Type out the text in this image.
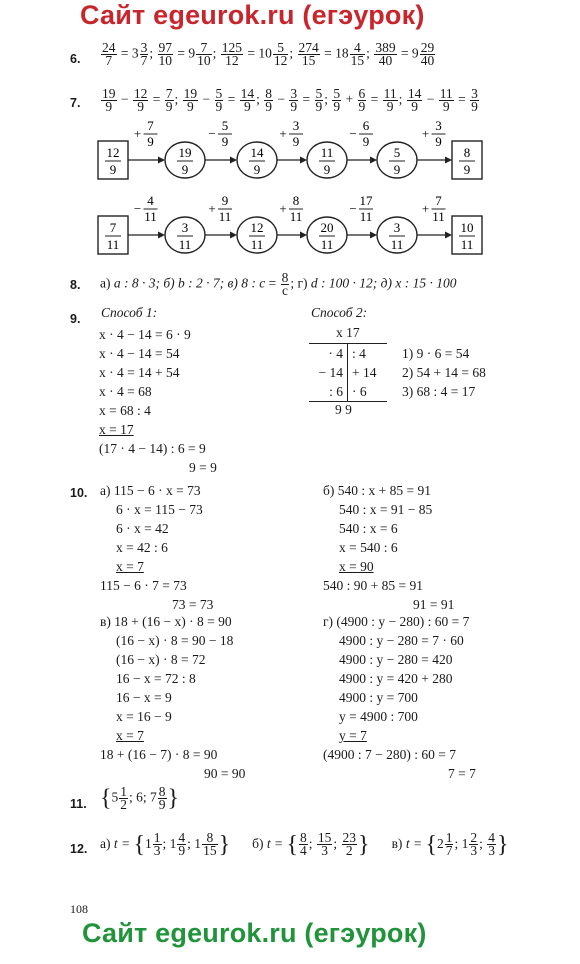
Сайт egeurok.ru (егэурок)
Сайт egeurok.ru (егэурок)
6.
7.
8.
9.
10.
11.
12.
$\frac{24}{7} = 3 \frac{3}{7}$ ; $\frac{97}{10} = 9 \frac{7}{10}$ ; $\frac{125}{12} = 10 \frac{5}{12}$ ; $\frac{274}{15} = 18 \frac{4}{15}$ ; $\frac{389}{40} = 9 \frac{29}{40}$
$\frac{19}{9} - \frac{12}{9} = \frac{7}{9}$ ; $\frac{19}{9} - \frac{5}{9} = \frac{14}{9}$ ; $\frac{8}{9} - \frac{3}{9} = \frac{5}{9}$ ; $\frac{5}{9} + \frac{6}{9} = \frac{11}{9}$ ; $\frac{14}{9} - \frac{11}{9} = \frac{3}{9}$
12
9
19
9
14
9
11
9
5
9
8
9
+
7
9
−
5
9
+
3
9
−
6
9
+
3
9
7
11
3
11
12
11
20
11
3
11
10
11
−
4
11
+
9
11
+
8
11
−
17
11
+
7
11
а) a : 8 · 3; б) b : 2 · 7; в) 8 : $c = \frac{8}{c}$ ; г) d : 100 · 12; д) x : 15 · 100
Способ 1:
x · 4 − 14 = 6 · 9
x · 4 − 14 = 54
x · 4 = 14 + 54
x · 4 = 68
x = 68 : 4
x = 17
(17 · 4 − 14) : 6 = 9
9 = 9
Способ 2:
x 17
· 4
− 14
: 6
: 4
+ 14
· 6
9 9
1) 9 · 6 = 54
2) 54 + 14 = 68
3) 68 : 4 = 17
а) 115 − 6 · x = 73
6 · x = 115 − 73
6 · x = 42
x = 42 : 6
x = 7
115 − 6 · 7 = 73
73 = 73
б) 540 : x + 85 = 91
540 : x = 91 − 85
540 : x = 6
x = 540 : 6
x = 90
540 : 90 + 85 = 91
91 = 91
в) 18 + (16 − x) · 8 = 90
(16 − x) · 8 = 90 − 18
(16 − x) · 8 = 72
16 − x = 72 : 8
16 − x = 9
x = 16 − 9
x = 7
18 + (16 − 7) · 8 = 90
90 = 90
г) (4900 : y − 280) : 60 = 7
4900 : y − 280 = 7 · 60
4900 : y − 280 = 420
4900 : y = 420 + 280
4900 : y = 700
y = 4900 : 700
y = 7
(4900 : 7 − 280) : 60 = 7
7 = 7
{$5 \frac{1}{2}$ ; 6; $7 \frac{8}{9}$ }
а) $t = \{1 \frac{1}{3}$ ; $1 \frac{4}{9}$ ; $1 \frac{8}{15}$ } б) t = { $\frac{8}{4}$ ; $\frac{15}{3}$ ; $\frac{23}{2}$ } в) $t = \{2 \frac{1}{7}$ ; $1 \frac{2}{3}$ ; $\frac{4}{3}$ }
108
